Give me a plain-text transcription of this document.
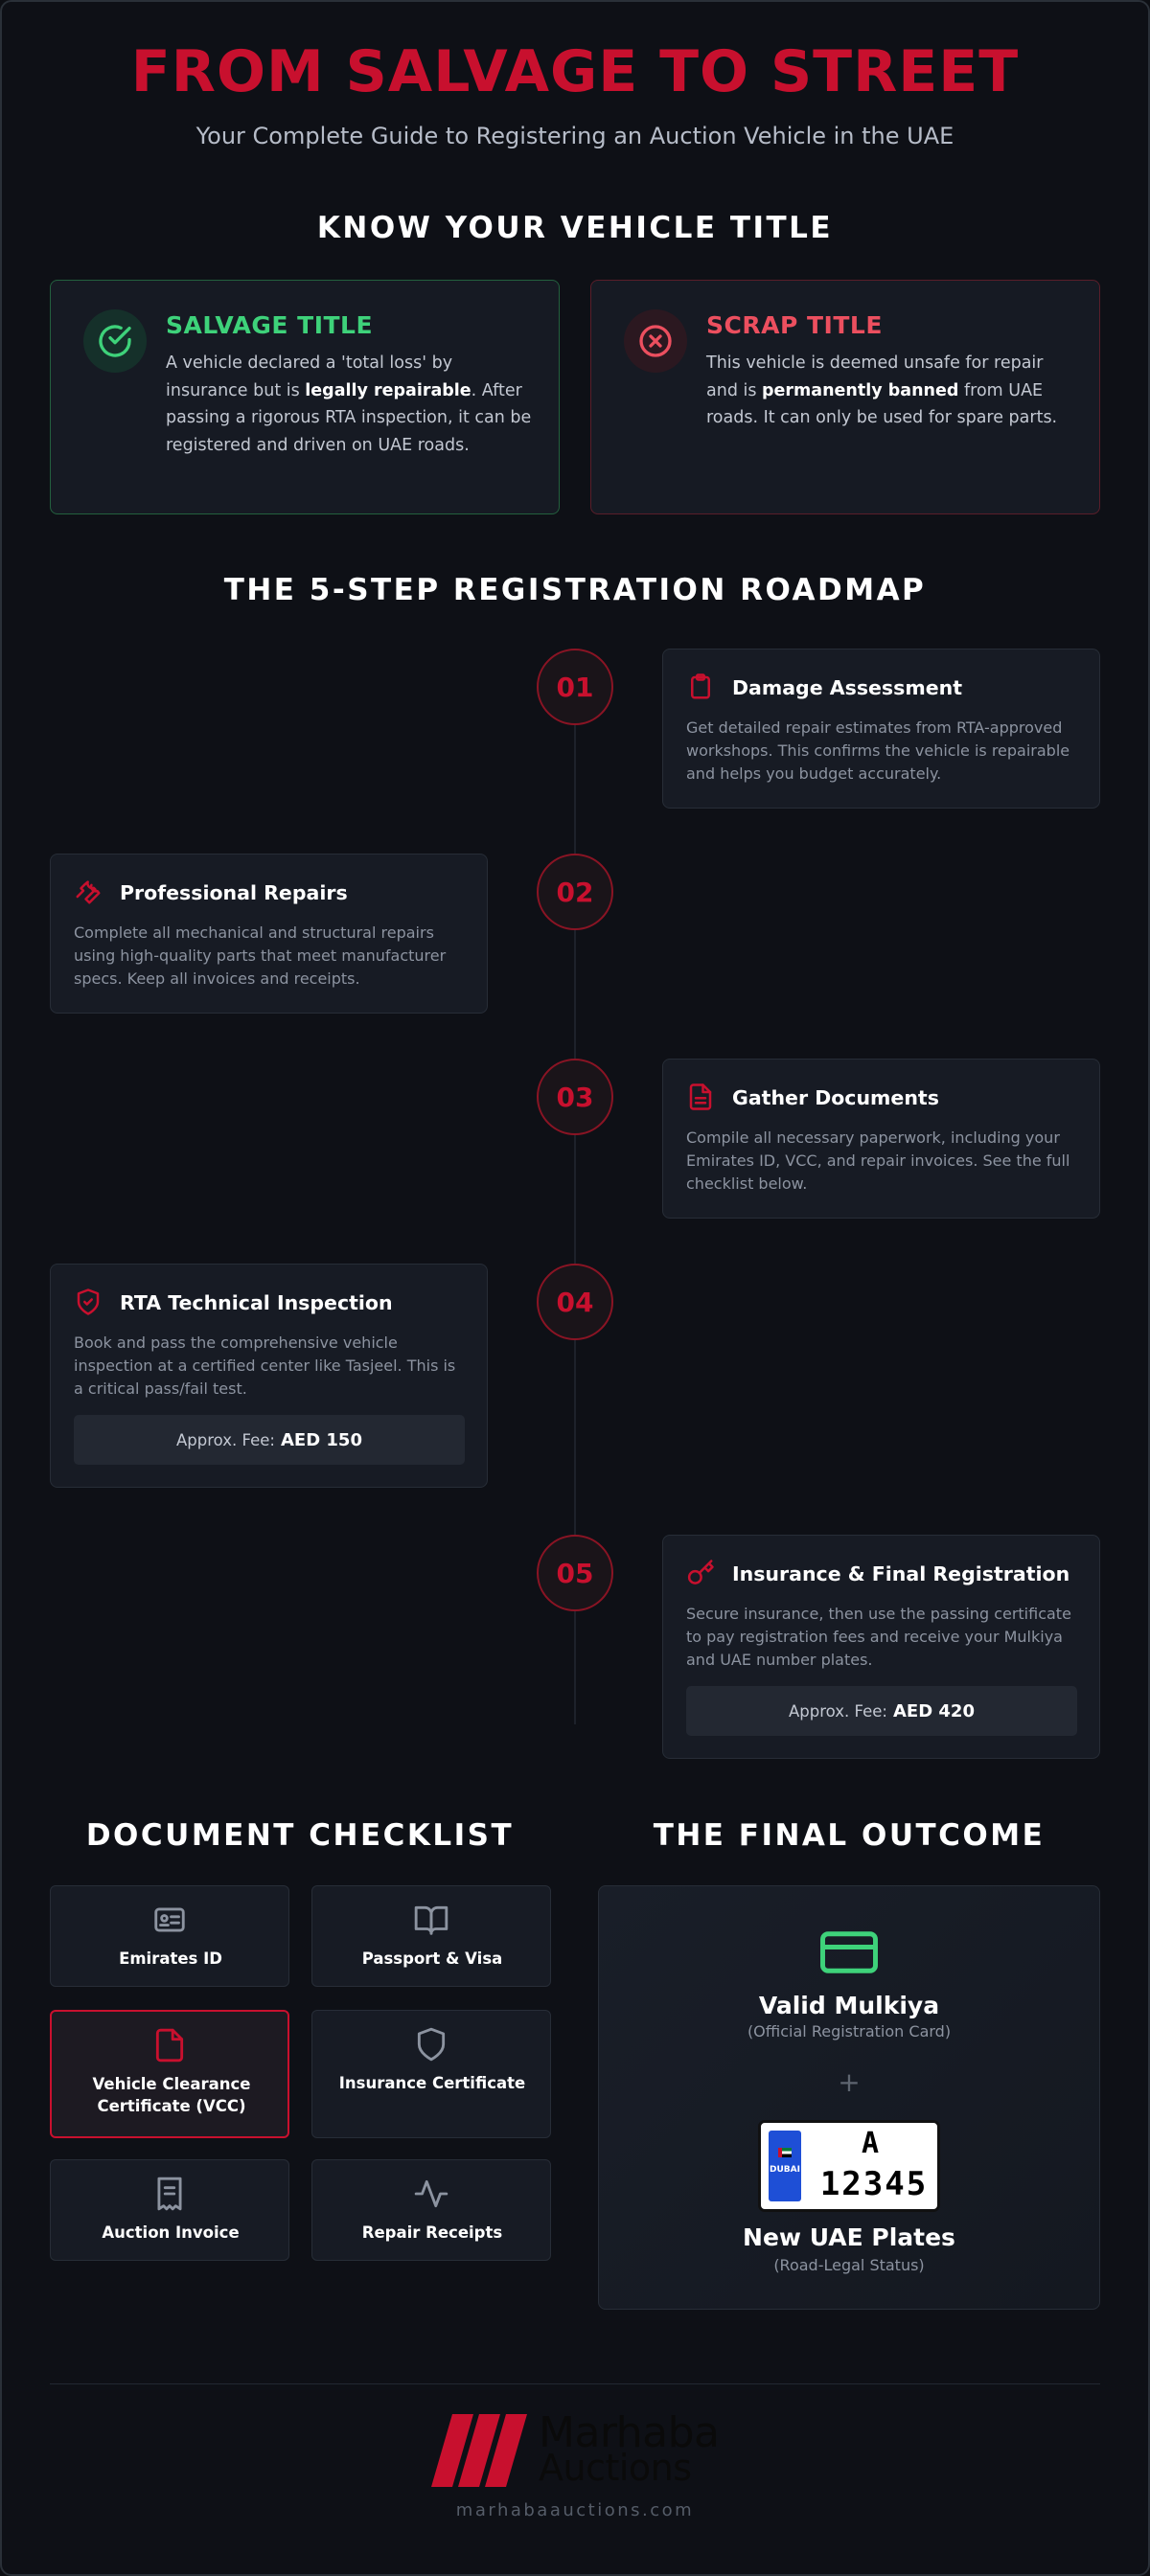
FROM SALVAGE TO STREET

Your Complete Guide to Registering an Auction Vehicle in the UAE

KNOW YOUR VEHICLE TITLE
SALVAGE TITLE

A vehicle declared a 'total loss' by insurance but is legally repairable. After passing a rigorous RTA inspection, it can be registered and driven on UAE roads.

SCRAP TITLE

This vehicle is deemed unsafe for repair and is permanently banned from UAE roads. It can only be used for spare parts.

THE 5-STEP REGISTRATION ROADMAP
01
02
03
04
05
Damage Assessment

Get detailed repair estimates from RTA-approved workshops. This confirms the vehicle is repairable and helps you budget accurately.

Professional Repairs

Complete all mechanical and structural repairs using high-quality parts that meet manufacturer specs. Keep all invoices and receipts.

Gather Documents

Compile all necessary paperwork, including your Emirates ID, VCC, and repair invoices. See the full checklist below.

RTA Technical Inspection

Book and pass the comprehensive vehicle inspection at a certified center like Tasjeel. This is a critical pass/fail test.

Approx. Fee: AED 150
Insurance & Final Registration

Secure insurance, then use the passing certificate to pay registration fees and receive your Mulkiya and UAE number plates.

Approx. Fee: AED 420
DOCUMENT CHECKLIST
Emirates ID	Passport & Visa
Vehicle Clearance Certificate (VCC)
Insurance Certificate
Auction Invoice	Repair Receipts
THE FINAL OUTCOME
Valid Mulkiya
(Official Registration Card)
+
DUBAI
A
12345
New UAE Plates
(Road-Legal Status)
Marhaba
Auctions
marhabaauctions.com
